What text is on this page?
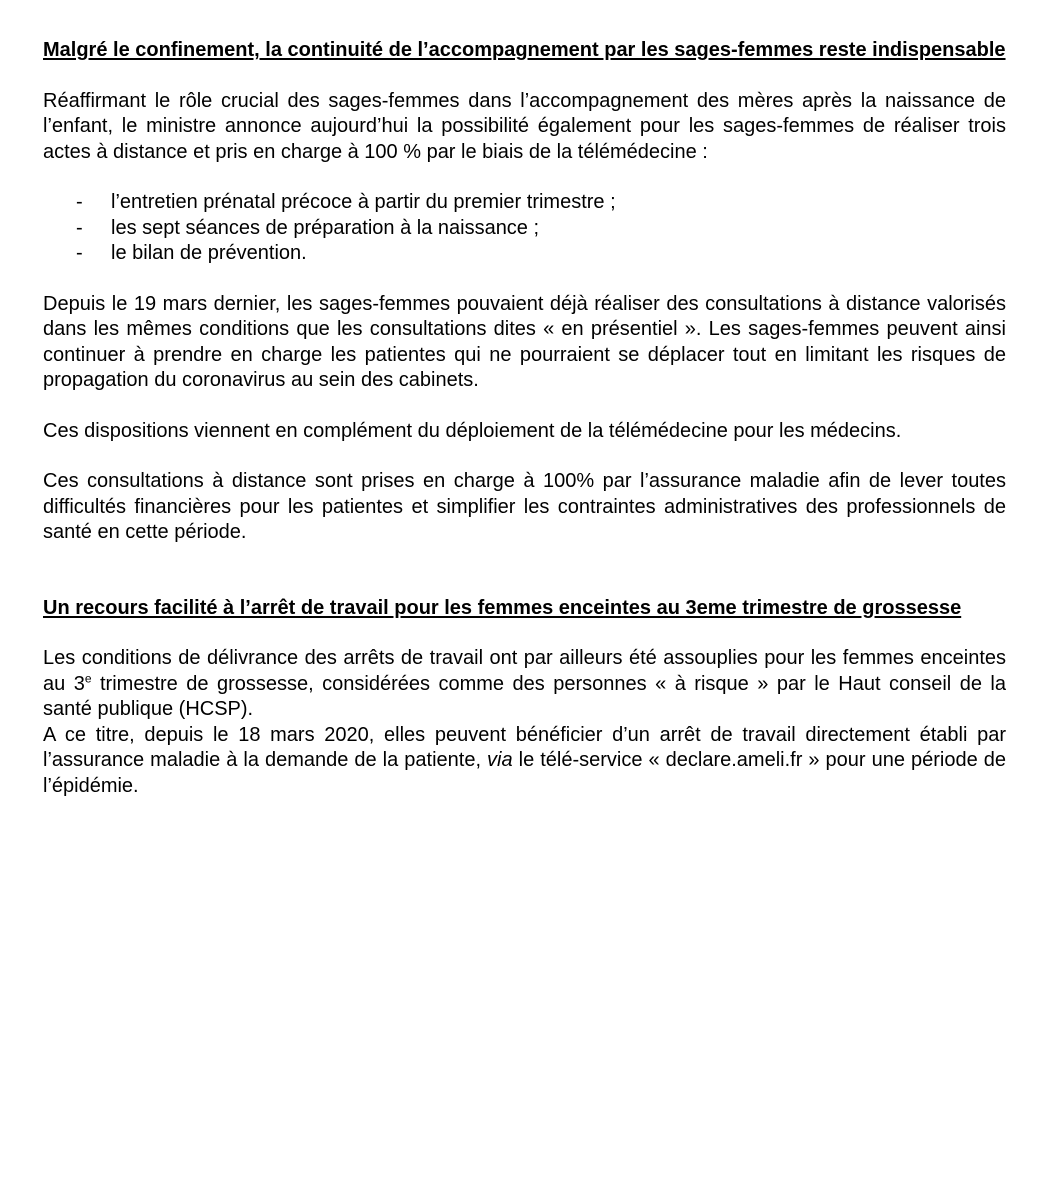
Malgré le confinement, la continuité de l’accompagnement par les sages-femmes reste indispensable

Réaffirmant le rôle crucial des sages-femmes dans l’accompagnement des mères après la naissance de l’enfant, le ministre annonce aujourd’hui la possibilité également pour les sages-femmes de réaliser trois actes à distance et pris en charge à 100 % par le biais de la télémédecine :

- l’entretien prénatal précoce à partir du premier trimestre ;
- les sept séances de préparation à la naissance ;
- le bilan de prévention.

Depuis le 19 mars dernier, les sages-femmes pouvaient déjà réaliser des consultations à distance valorisés dans les mêmes conditions que les consultations dites « en présentiel ». Les sages-femmes peuvent ainsi continuer à prendre en charge les patientes qui ne pourraient se déplacer tout en limitant les risques de propagation du coronavirus au sein des cabinets.

Ces dispositions viennent en complément du déploiement de la télémédecine pour les médecins.

Ces consultations à distance sont prises en charge à 100% par l’assurance maladie afin de lever toutes difficultés financières pour les patientes et simplifier les contraintes administratives des professionnels de santé en cette période.

Un recours facilité à l’arrêt de travail pour les femmes enceintes au 3eme trimestre de grossesse

Les conditions de délivrance des arrêts de travail ont par ailleurs été assouplies pour les femmes enceintes au 3e trimestre de grossesse, considérées comme des personnes « à risque » par le Haut conseil de la santé publique (HCSP).

A ce titre, depuis le 18 mars 2020, elles peuvent bénéficier d’un arrêt de travail directement établi par l’assurance maladie à la demande de la patiente, via le télé-service « declare.ameli.fr » pour une période de l’épidémie.
